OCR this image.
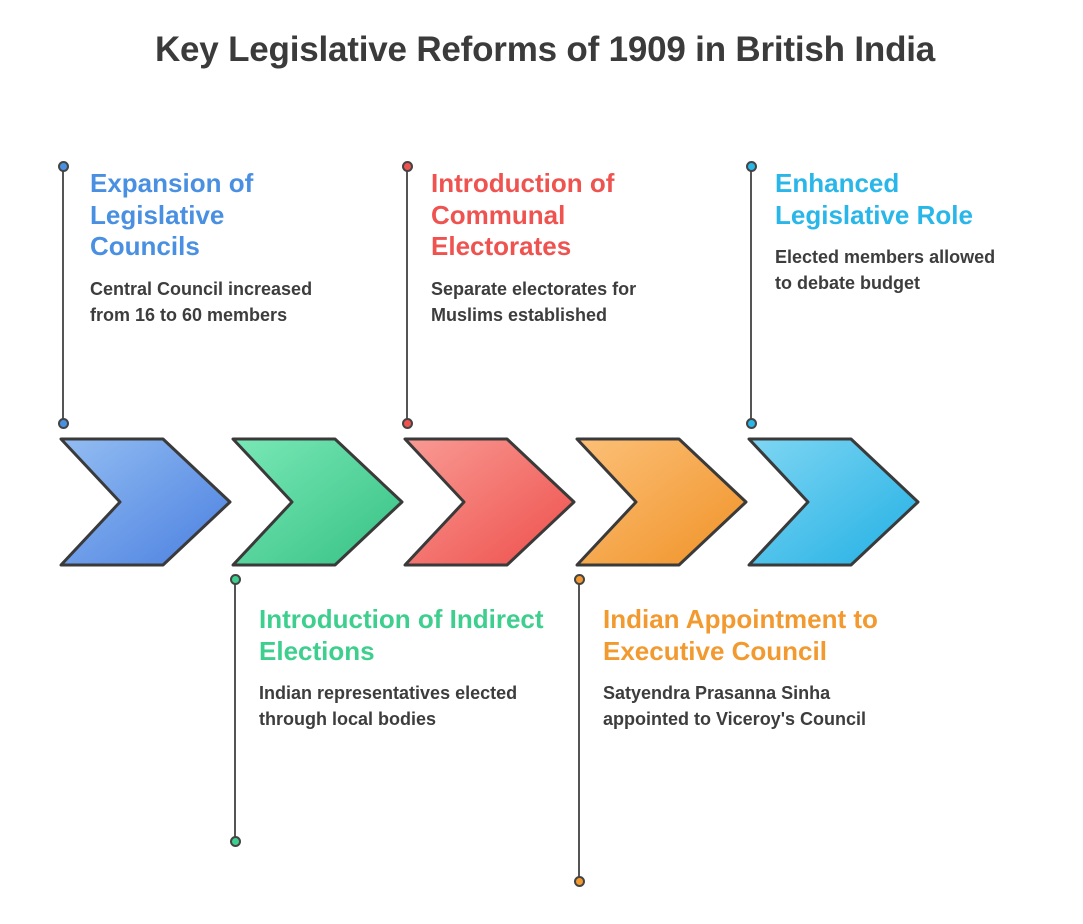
Key Legislative Reforms of 1909 in British India

Expansion of Legislative Councils

Central Council increased from 16 to 60 members

Introduction of Indirect Elections

Indian representatives elected through local bodies

Introduction of Communal Electorates

Separate electorates for Muslims established

Indian Appointment to Executive Council

Satyendra Prasanna Sinha appointed to Viceroy's Council

Enhanced Legislative Role

Elected members allowed to debate budget
